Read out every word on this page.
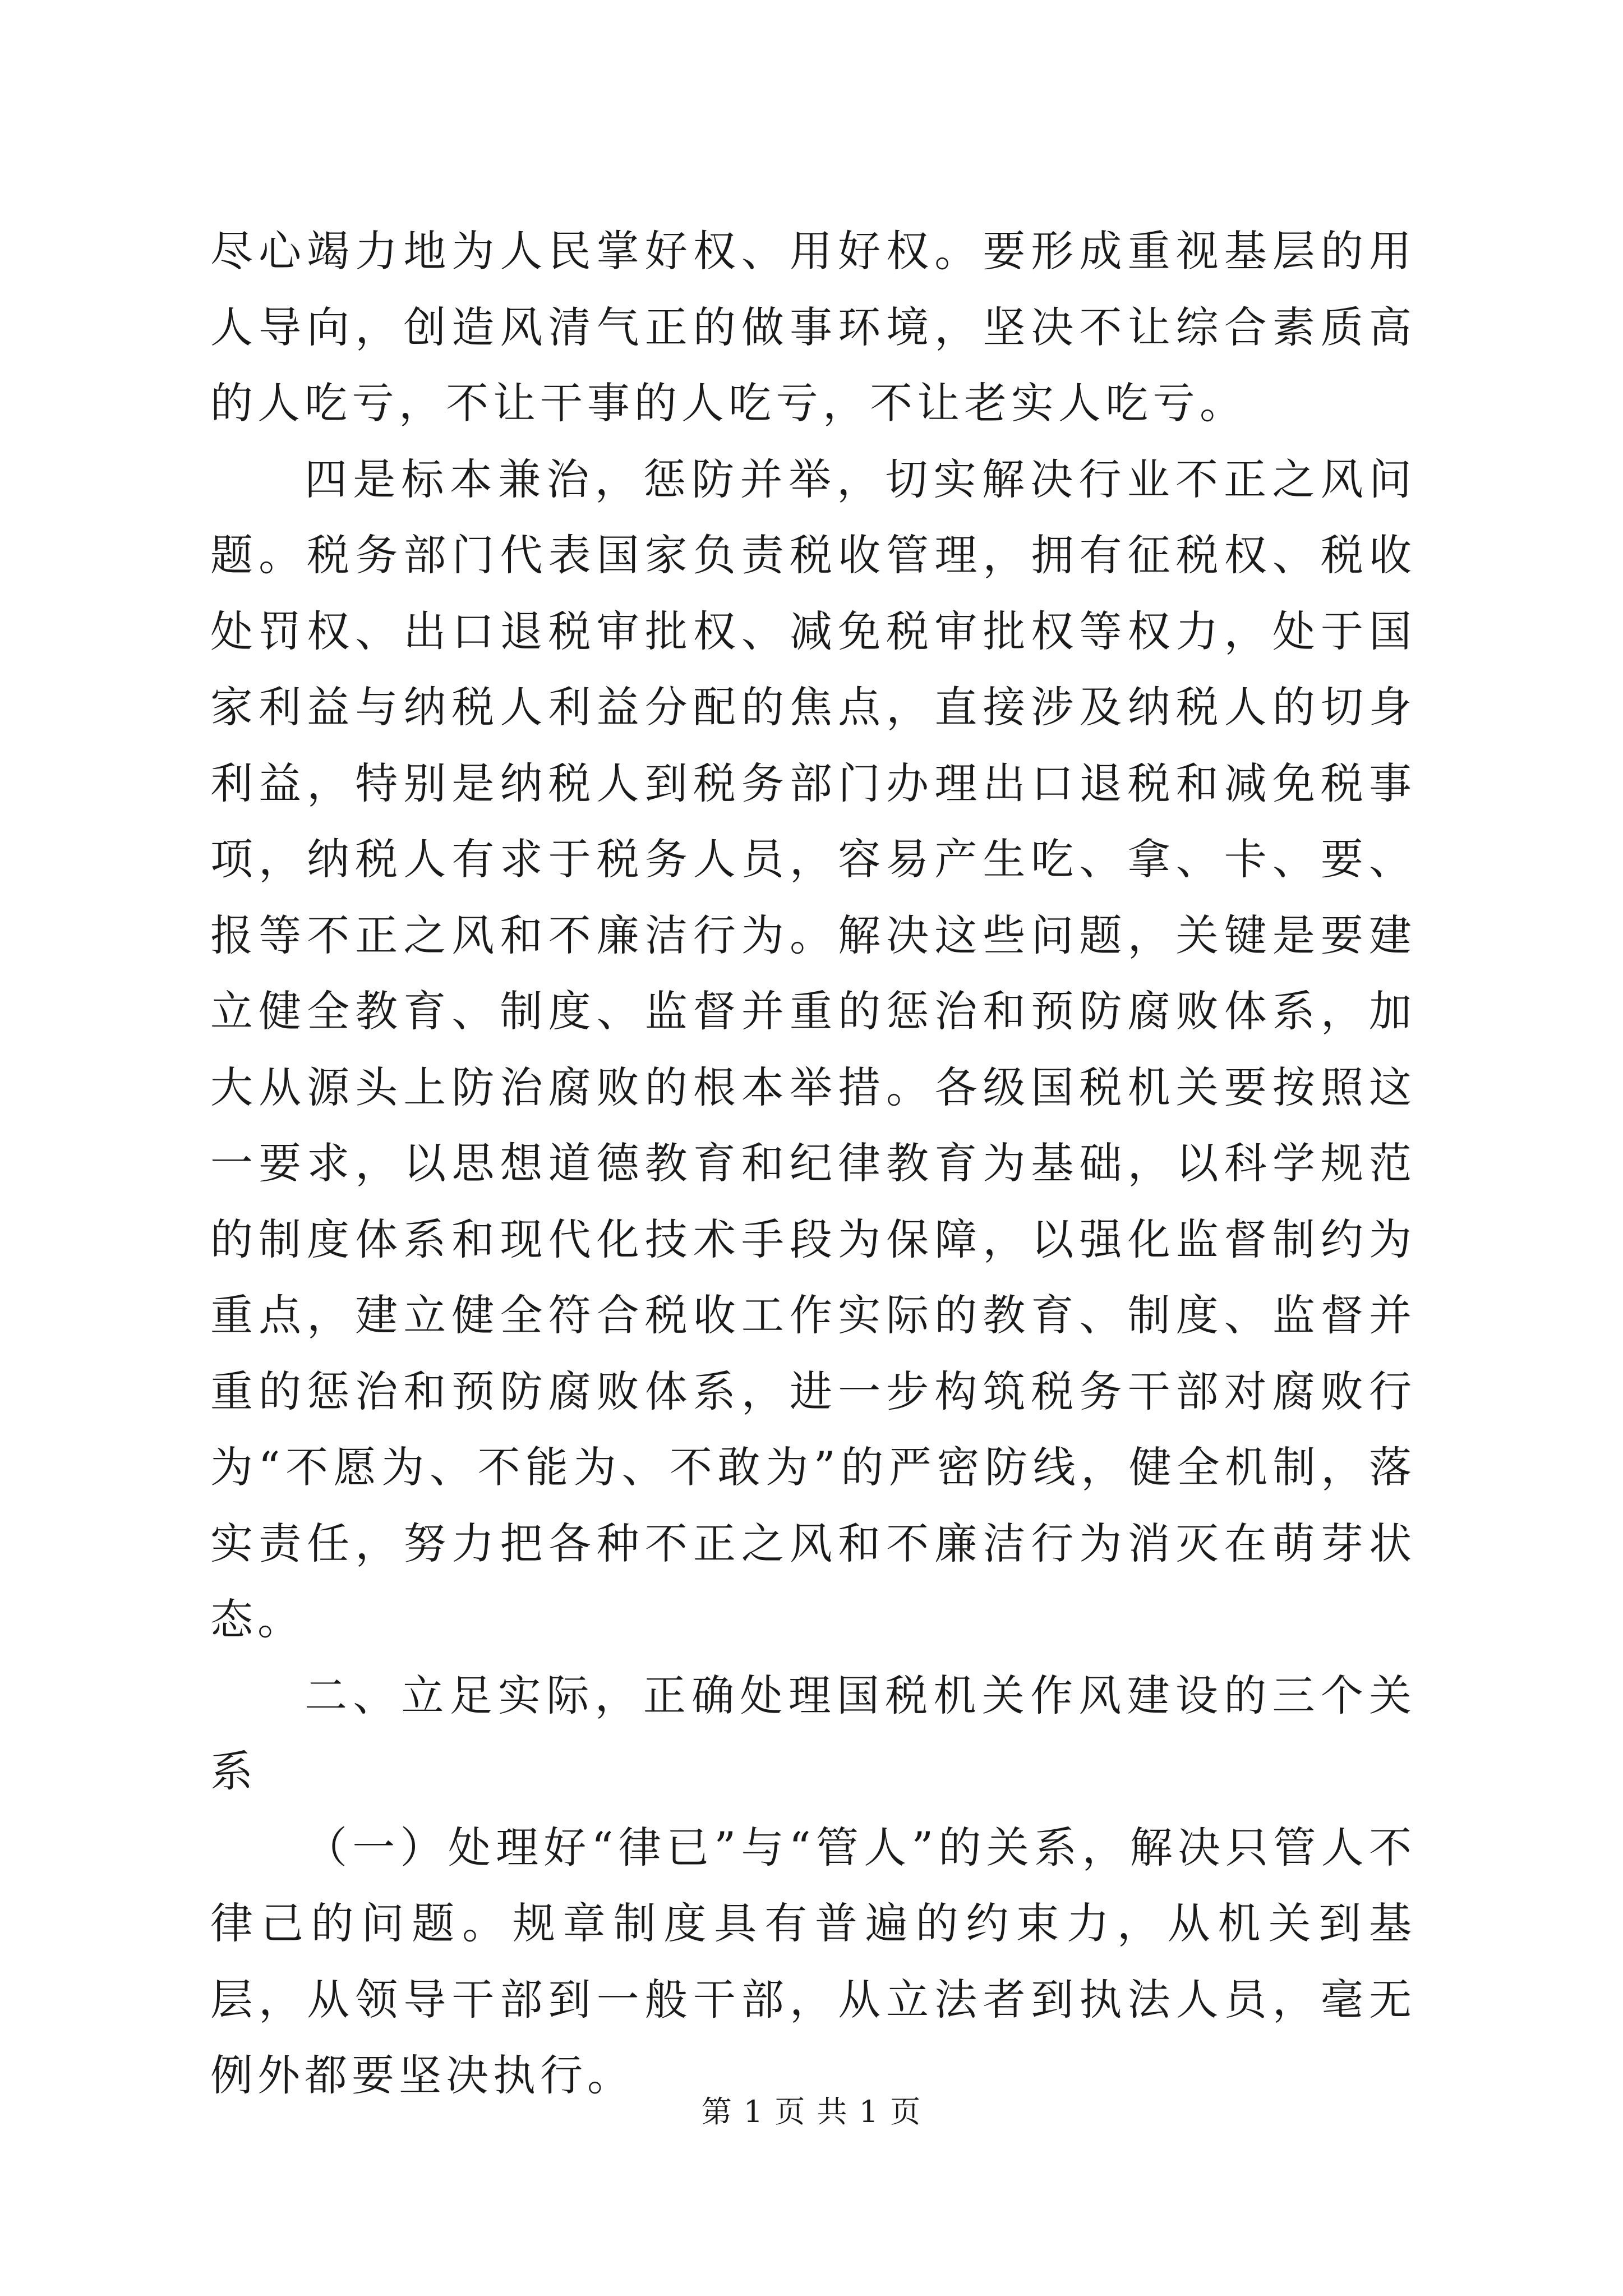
尽心竭力地为人民掌好权、用好权。要形成重视基层的用人导向，创造风清气正的做事环境，坚决不让综合素质高的人吃亏，不让干事的人吃亏，不让老实人吃亏。

四是标本兼治，惩防并举，切实解决行业不正之风问题。税务部门代表国家负责税收管理，拥有征税权、税收处罚权、出口退税审批权、减免税审批权等权力，处于国家利益与纳税人利益分配的焦点，直接涉及纳税人的切身利益，特别是纳税人到税务部门办理出口退税和减免税事项，纳税人有求于税务人员，容易产生吃、拿、卡、要、报等不正之风和不廉洁行为。解决这些问题，关键是要建立健全教育、制度、监督并重的惩治和预防腐败体系，加大从源头上防治腐败的根本举措。各级国税机关要按照这一要求，以思想道德教育和纪律教育为基础，以科学规范的制度体系和现代化技术手段为保障，以强化监督制约为重点，建立健全符合税收工作实际的教育、制度、监督并重的惩治和预防腐败体系，进一步构筑税务干部对腐败行为“不愿为、不能为、不敢为”的严密防线，健全机制，落实责任，努力把各种不正之风和不廉洁行为消灭在萌芽状态。

二、立足实际，正确处理国税机关作风建设的三个关系

（一）处理好“律已”与“管人”的关系，解决只管人不律己的问题。规章制度具有普遍的约束力，从机关到基层，从领导干部到一般干部，从立法者到执法人员，毫无例外都要坚决执行。

第 1 页 共 1 页
